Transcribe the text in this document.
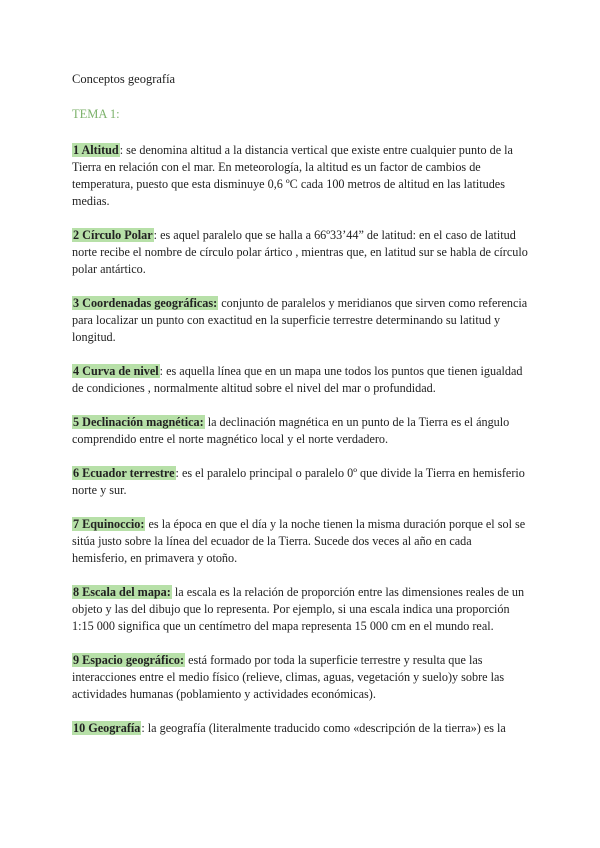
Conceptos geografía

TEMA 1:

1 Altitud: se denomina altitud a la distancia vertical que existe entre cualquier punto de la Tierra en relación con el mar. En meteorología, la altitud es un factor de cambios de temperatura, puesto que esta disminuye 0,6 ºC cada 100 metros de altitud en las latitudes medias.

2 Círculo Polar: es aquel paralelo que se halla a 66º33’44” de latitud: en el caso de latitud norte recibe el nombre de círculo polar ártico , mientras que, en latitud sur se habla de círculo polar antártico.

3 Coordenadas geográficas: conjunto de paralelos y meridianos que sirven como referencia para localizar un punto con exactitud en la superficie terrestre determinando su latitud y longitud.

4 Curva de nivel: es aquella línea que en un mapa une todos los puntos que tienen igualdad de condiciones , normalmente altitud sobre el nivel del mar o profundidad.

5 Declinación magnética: la declinación magnética en un punto de la Tierra es el ángulo comprendido entre el norte magnético local y el norte verdadero.

6 Ecuador terrestre: es el paralelo principal o paralelo 0º que divide la Tierra en hemisferio norte y sur.

7 Equinoccio: es la época en que el día y la noche tienen la misma duración porque el sol se sitúa justo sobre la línea del ecuador de la Tierra. Sucede dos veces al año en cada hemisferio, en primavera y otoño.

8 Escala del mapa: la escala es la relación de proporción entre las dimensiones reales de un objeto y las del dibujo que lo representa. Por ejemplo, si una escala indica una proporción 1:15 000 significa que un centímetro del mapa representa 15 000 cm en el mundo real.

9 Espacio geográfico: está formado por toda la superficie terrestre y resulta que las interacciones entre el medio físico (relieve, climas, aguas, vegetación y suelo)y sobre las actividades humanas (poblamiento y actividades económicas).

10 Geografía: la geografía (literalmente traducido como «descripción de la tierra») es la
